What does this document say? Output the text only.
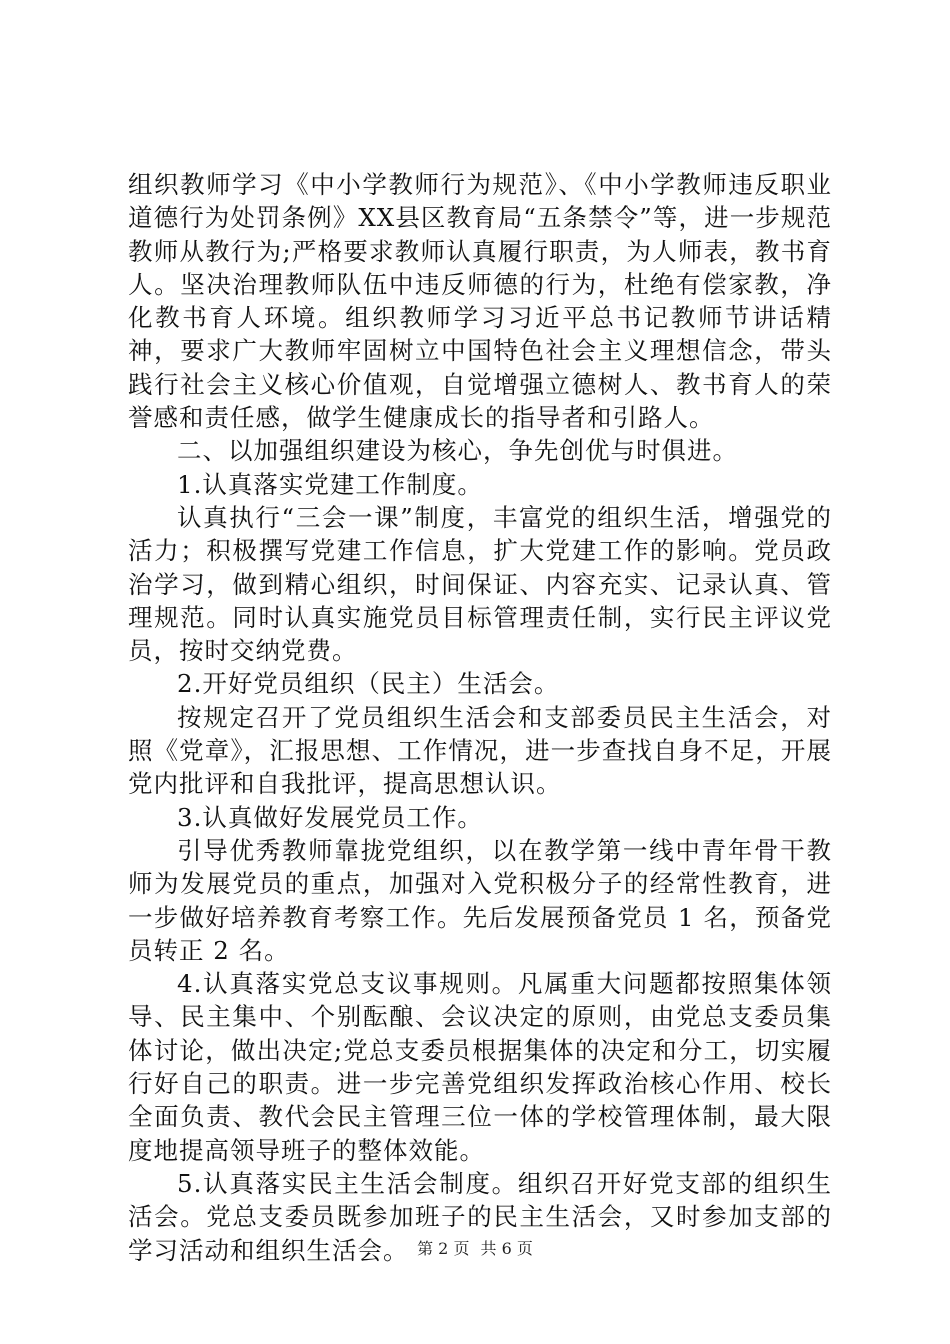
组织教师学习《中小学教师行为规范》、《中小学教师违反职业道德行为处罚条例》XX县区教育局“五条禁令”等，进一步规范教师从教行为;严格要求教师认真履行职责，为人师表，教书育人。坚决治理教师队伍中违反师德的行为，杜绝有偿家教，净化教书育人环境。组织教师学习习近平总书记教师节讲话精神，要求广大教师牢固树立中国特色社会主义理想信念，带头践行社会主义核心价值观，自觉增强立德树人、教书育人的荣誉感和责任感，做学生健康成长的指导者和引路人。

二、以加强组织建设为核心，争先创优与时俱进。

1.认真落实党建工作制度。

认真执行“三会一课”制度，丰富党的组织生活，增强党的活力；积极撰写党建工作信息，扩大党建工作的影响。党员政治学习，做到精心组织，时间保证、内容充实、记录认真、管理规范。同时认真实施党员目标管理责任制，实行民主评议党员，按时交纳党费。

2.开好党员组织（民主）生活会。

按规定召开了党员组织生活会和支部委员民主生活会，对照《党章》，汇报思想、工作情况，进一步查找自身不足，开展党内批评和自我批评，提高思想认识。

3.认真做好发展党员工作。

引导优秀教师靠拢党组织，以在教学第一线中青年骨干教师为发展党员的重点，加强对入党积极分子的经常性教育，进一步做好培养教育考察工作。先后发展预备党员 1 名，预备党员转正 2 名。

4.认真落实党总支议事规则。凡属重大问题都按照集体领导、民主集中、个别酝酿、会议决定的原则，由党总支委员集体讨论，做出决定;党总支委员根据集体的决定和分工，切实履行好自己的职责。进一步完善党组织发挥政治核心作用、校长全面负责、教代会民主管理三位一体的学校管理体制，最大限度地提高领导班子的整体效能。

5.认真落实民主生活会制度。组织召开好党支部的组织生活会。党总支委员既参加班子的民主生活会，又时参加支部的学习活动和组织生活会。 第 2 页 共 6 页
